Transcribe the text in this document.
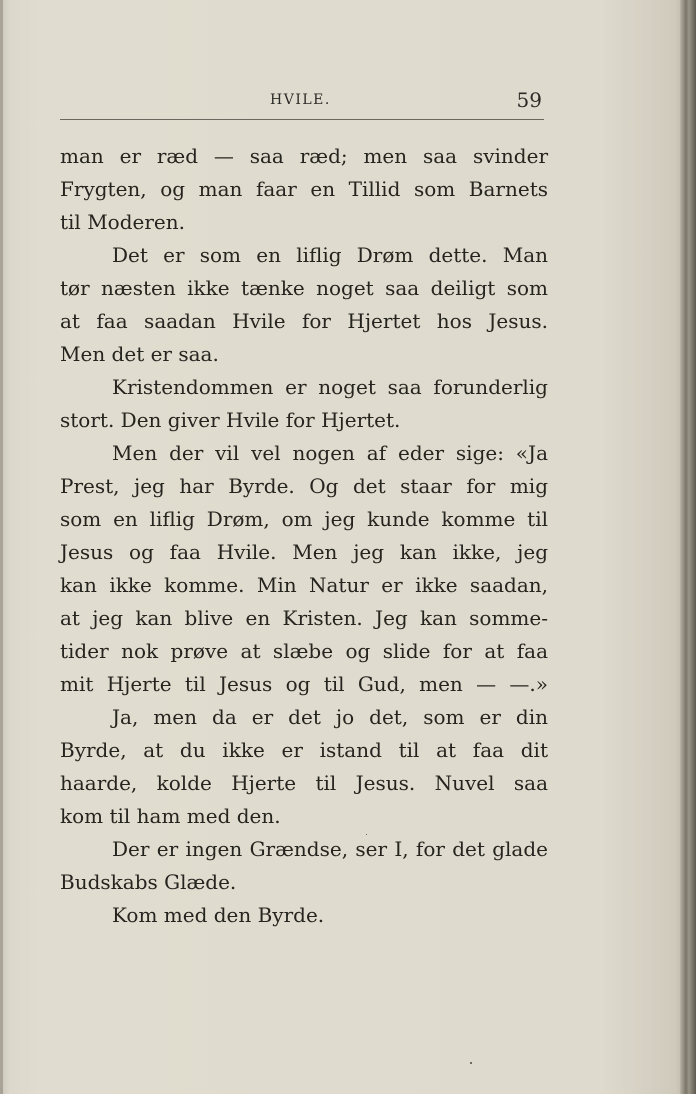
HVILE.	59
man er ræd — saa ræd; men saa svinder
Frygten, og man faar en Tillid som Barnets
til Moderen.
Det er som en liflig Drøm dette. Man
tør næsten ikke tænke noget saa deiligt som
at faa saadan Hvile for Hjertet hos Jesus.
Men det er saa.
Kristendommen er noget saa forunderlig
stort. Den giver Hvile for Hjertet.
Men der vil vel nogen af eder sige: «Ja
Prest, jeg har Byrde. Og det staar for mig
som en liflig Drøm, om jeg kunde komme til
Jesus og faa Hvile. Men jeg kan ikke, jeg
kan ikke komme. Min Natur er ikke saadan,
at jeg kan blive en Kristen. Jeg kan somme-
tider nok prøve at slæbe og slide for at faa
mit Hjerte til Jesus og til Gud, men — —.»
Ja, men da er det jo det, som er din
Byrde, at du ikke er istand til at faa dit
haarde, kolde Hjerte til Jesus. Nuvel saa
kom til ham med den.
Der er ingen Grændse, ser I, for det glade
Budskabs Glæde.
Kom med den Byrde.
